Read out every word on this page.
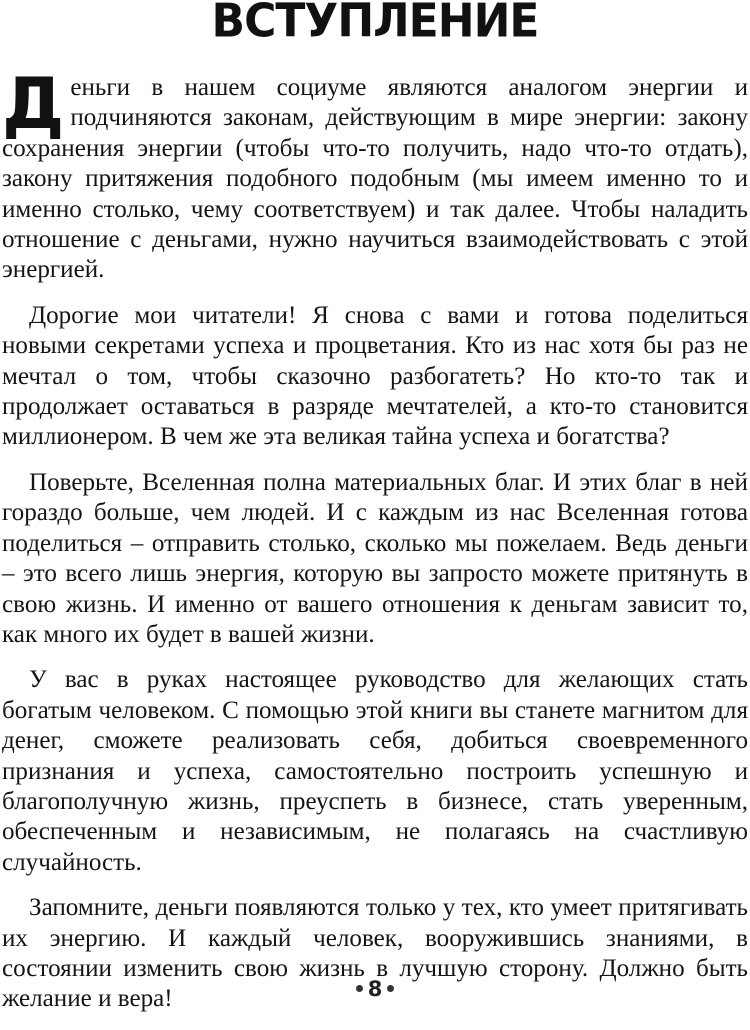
ВСТУПЛЕНИЕ

Деньги в нашем социуме являются аналогом энергии и подчиняются законам, действующим в мире энергии: закону сохранения энергии (чтобы что-то получить, надо что-то отдать), закону притяжения подобного подобным (мы имеем именно то и именно столько, чему соответствуем) и так далее. Чтобы наладить отношение с деньгами, нужно научиться взаимодействовать с этой энергией.

Дорогие мои читатели! Я снова с вами и готова поделиться новыми секретами успеха и процветания. Кто из нас хотя бы раз не мечтал о том, чтобы сказочно разбогатеть? Но кто-то так и продолжает оставаться в разряде мечтателей, а кто-то становится миллионером. В чем же эта великая тайна успеха и богатства?

Поверьте, Вселенная полна материальных благ. И этих благ в ней гораздо больше, чем людей. И с каждым из нас Вселенная готова поделиться – отправить столько, сколько мы пожелаем. Ведь деньги – это всего лишь энергия, которую вы запросто можете притянуть в свою жизнь. И именно от вашего отношения к деньгам зависит то, как много их будет в вашей жизни.

У вас в руках настоящее руководство для желающих стать богатым человеком. С помощью этой книги вы станете магнитом для денег, сможете реализовать себя, добиться своевременного признания и успеха, самостоятельно построить успешную и благополучную жизнь, преуспеть в бизнесе, стать уверенным, обеспеченным и независимым, не полагаясь на счастливую случайность.

Запомните, деньги появляются только у тех, кто умеет притягивать их энергию. И каждый человек, вооружившись знаниями, в состоянии изменить свою жизнь в лучшую сторону. Должно быть желание и вера!	8
